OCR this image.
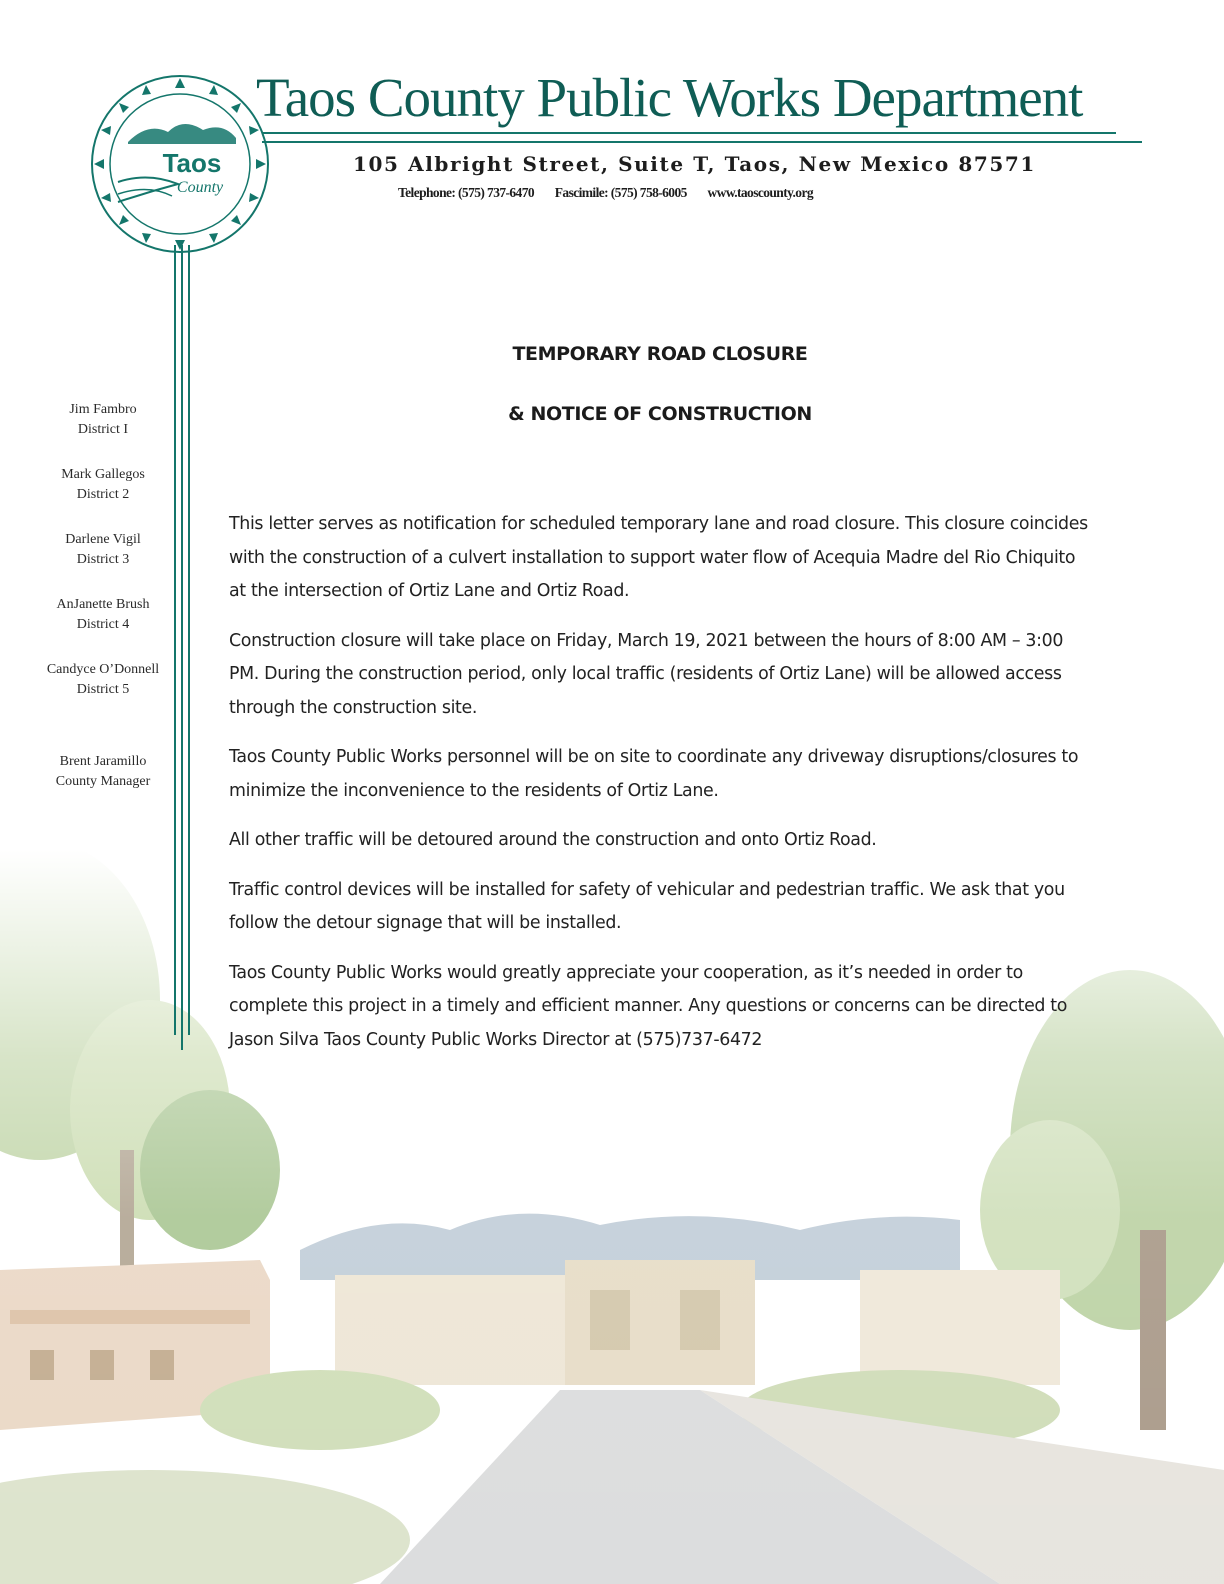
Taos
County
Taos County Public Works Department

105 Albright Street, Suite T, Taos, New Mexico 87571

Telephone: (575) 737-6470 Fascimile: (575) 758-6005 www.taoscounty.org
Jim Fambro
District I
Mark Gallegos
District 2
Darlene Vigil
District 3
AnJanette Brush
District 4
Candyce O’Donnell
District 5
Brent Jaramillo
County Manager
TEMPORARY ROAD CLOSURE
& NOTICE OF CONSTRUCTION

This letter serves as notification for scheduled temporary lane and road closure. This closure coincides with the construction of a culvert installation to support water flow of Acequia Madre del Rio Chiquito at the intersection of Ortiz Lane and Ortiz Road.

Construction closure will take place on Friday, March 19, 2021 between the hours of 8:00 AM – 3:00 PM. During the construction period, only local traffic (residents of Ortiz Lane) will be allowed access through the construction site.

Taos County Public Works personnel will be on site to coordinate any driveway disruptions/closures to minimize the inconvenience to the residents of Ortiz Lane.

All other traffic will be detoured around the construction and onto Ortiz Road.

Traffic control devices will be installed for safety of vehicular and pedestrian traffic. We ask that you follow the detour signage that will be installed.

Taos County Public Works would greatly appreciate your cooperation, as it’s needed in order to complete this project in a timely and efficient manner. Any questions or concerns can be directed to Jason Silva Taos County Public Works Director at (575)737-6472
